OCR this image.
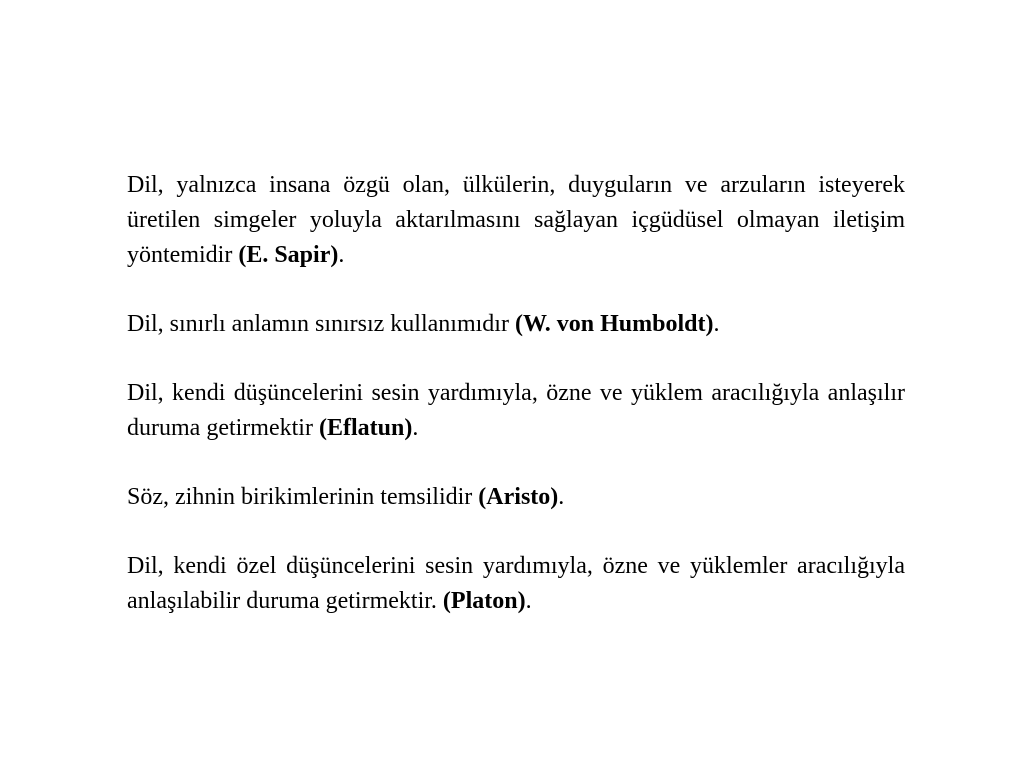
Dil, yalnızca insana özgü olan, ülkülerin, duyguların ve arzuların isteyerek üretilen simgeler yoluyla aktarılmasını sağlayan içgüdüsel olmayan iletişim yöntemidir (E. Sapir).

Dil, sınırlı anlamın sınırsız kullanımıdır (W. von Humboldt).

Dil, kendi düşüncelerini sesin yardımıyla, özne ve yüklem aracılığıyla anlaşılır duruma getirmektir (Eflatun).

Söz, zihnin birikimlerinin temsilidir (Aristo).

Dil, kendi özel düşüncelerini sesin yardımıyla, özne ve yüklemler aracılığıyla anlaşılabilir duruma getirmektir. (Platon).
